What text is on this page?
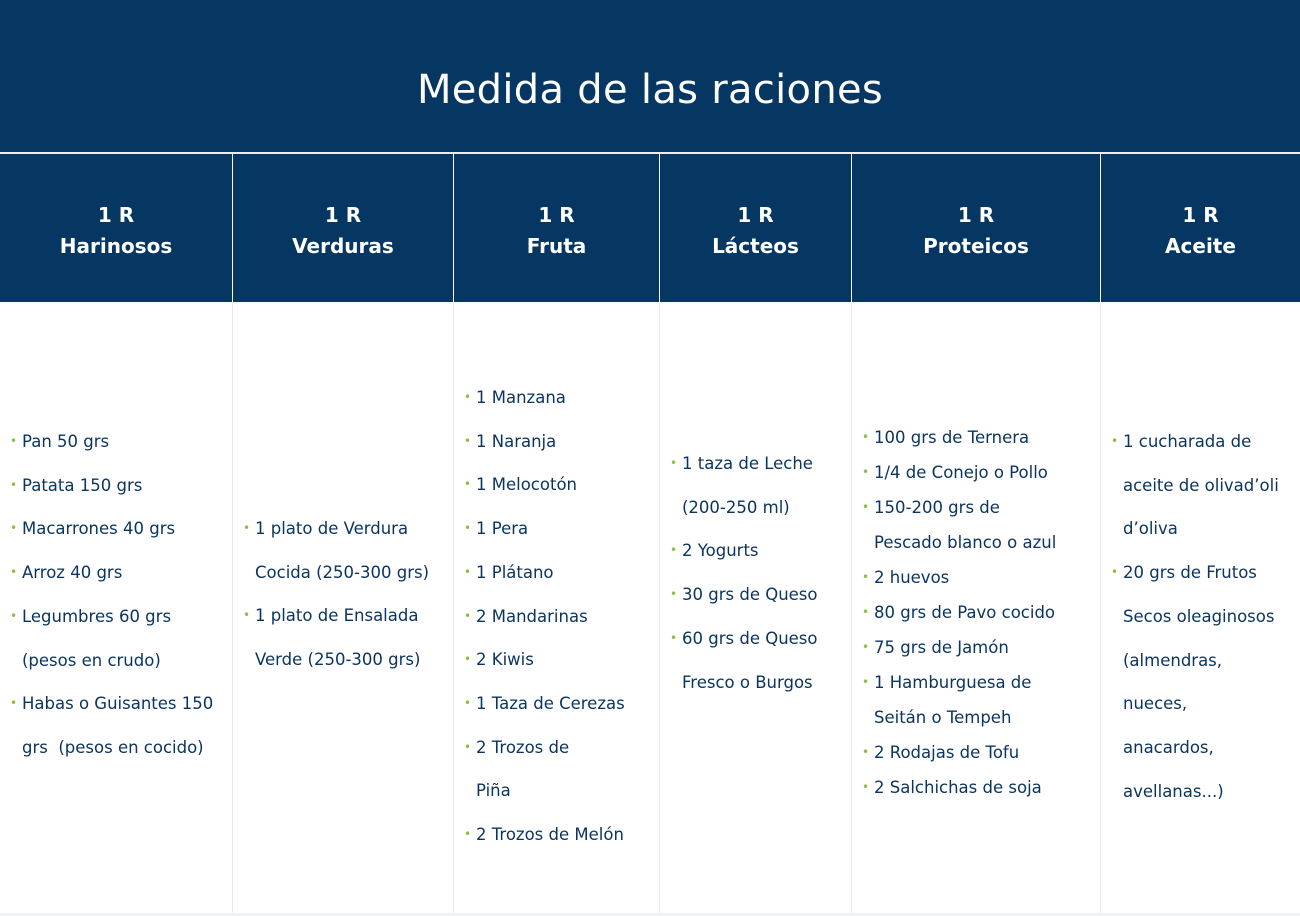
Medida de las raciones
1 R
Harinosos
• Pan 50 grs
• Patata 150 grs
• Macarrones 40 grs
• Arroz 40 grs
• Legumbres 60 grs
(pesos en crudo)
• Habas o Guisantes 150
grs  (pesos en cocido)
1 R
Verduras
• 1 plato de Verdura
Cocida (250-300 grs)
• 1 plato de Ensalada
Verde (250-300 grs)
1 R
Fruta
• 1 Manzana
• 1 Naranja
• 1 Melocotón
• 1 Pera
• 1 Plátano
• 2 Mandarinas
• 2 Kiwis
• 1 Taza de Cerezas
• 2 Trozos de
Piña
• 2 Trozos de Melón
1 R
Lácteos
• 1 taza de Leche
(200-250 ml)
• 2 Yogurts
• 30 grs de Queso
• 60 grs de Queso
Fresco o Burgos
1 R
Proteicos
• 100 grs de Ternera
• 1/4 de Conejo o Pollo
• 150-200 grs de
Pescado blanco o azul
• 2 huevos
• 80 grs de Pavo cocido
• 75 grs de Jamón
• 1 Hamburguesa de
Seitán o Tempeh
• 2 Rodajas de Tofu
• 2 Salchichas de soja
1 R
Aceite
• 1 cucharada de
aceite de olivad’oli
d’oliva
• 20 grs de Frutos
Secos oleaginosos
(almendras,
nueces,
anacardos,
avellanas...)
